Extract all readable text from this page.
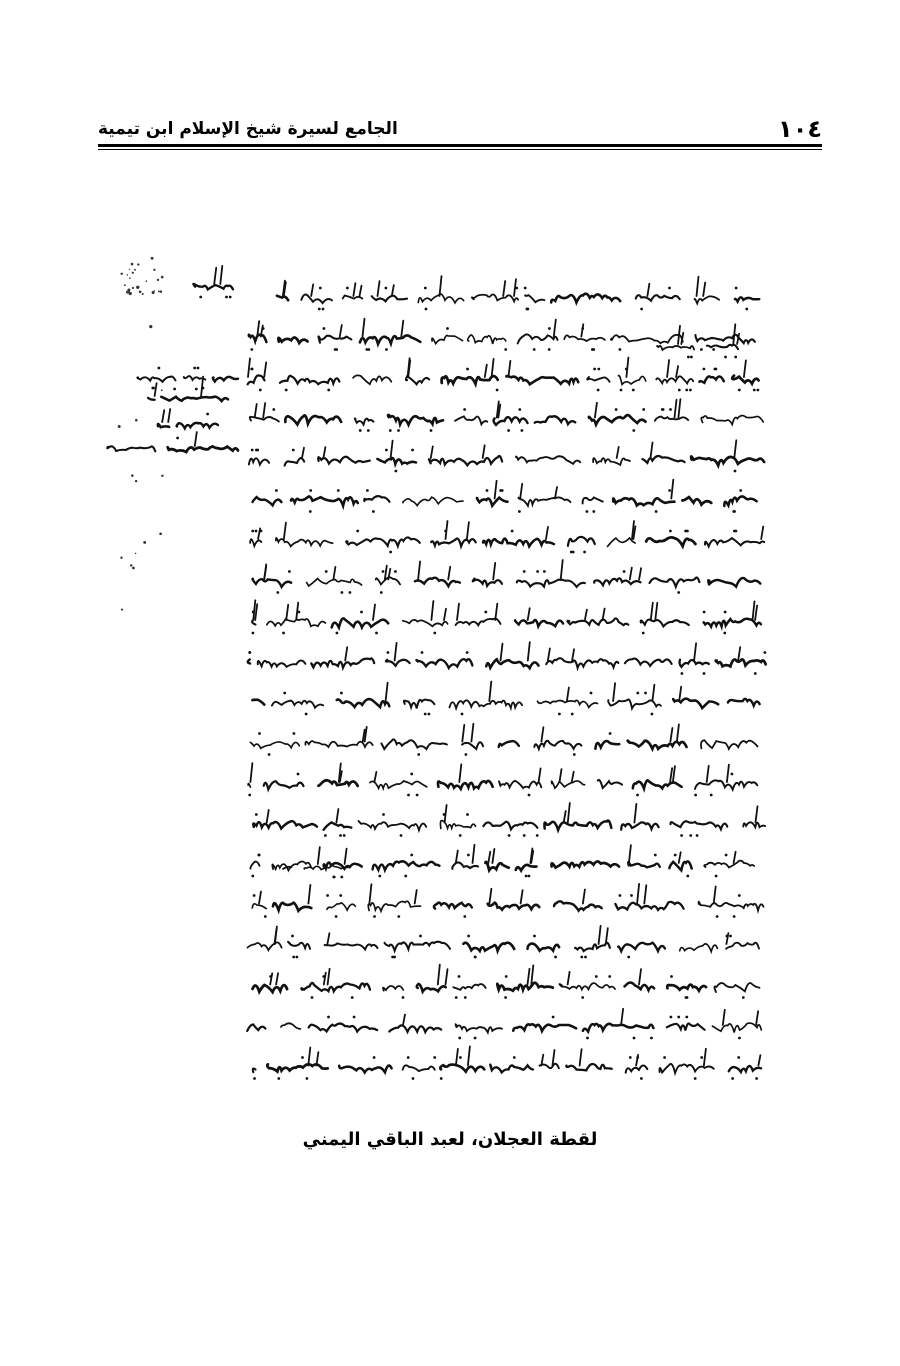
١٠٤
الجامع لسيرة شيخ الإسلام ابن تيمية
لقطة العجلان، لعبد الباقي اليمني
